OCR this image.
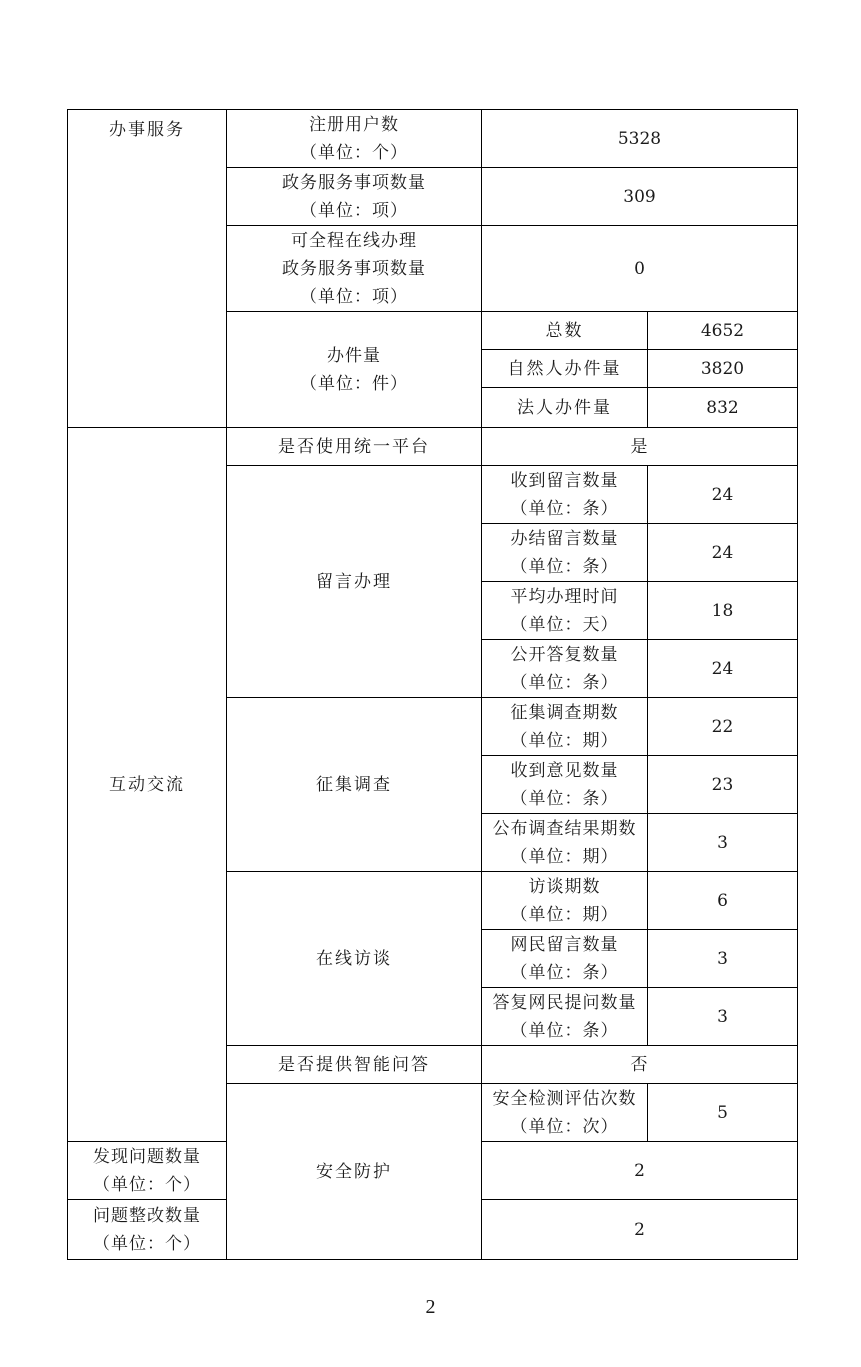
办事服务	注册用户数
（单位：个）	5328	

	政务服务事项数量
（单位：项）	309	

	可全程在线办理
政务服务事项数量
（单位：项）	0	

	办件量
（单位：件）	总数	4652
		自然人办件量	3820
		法人办件量	832
互动交流	是否使用统一平台	是	
	留言办理	收到留言数量
（单位：条）	24

		办结留言数量
（单位：条）	24

		平均办理时间
（单位：天）	18

		公开答复数量
（单位：条）	24
	征集调查	征集调查期数
（单位：期）	22

		收到意见数量
（单位：条）	23

		公布调查结果期数
（单位：期）	3
	在线访谈	访谈期数
（单位：期）	6

		网民留言数量
（单位：条）	3

		答复网民提问数量
（单位：条）	3
	是否提供智能问答	否	
	安全防护	安全检测评估次数
（单位：次）	5

发现问题数量
（单位：个）		2	

问题整改数量
（单位：个）		2	
2
